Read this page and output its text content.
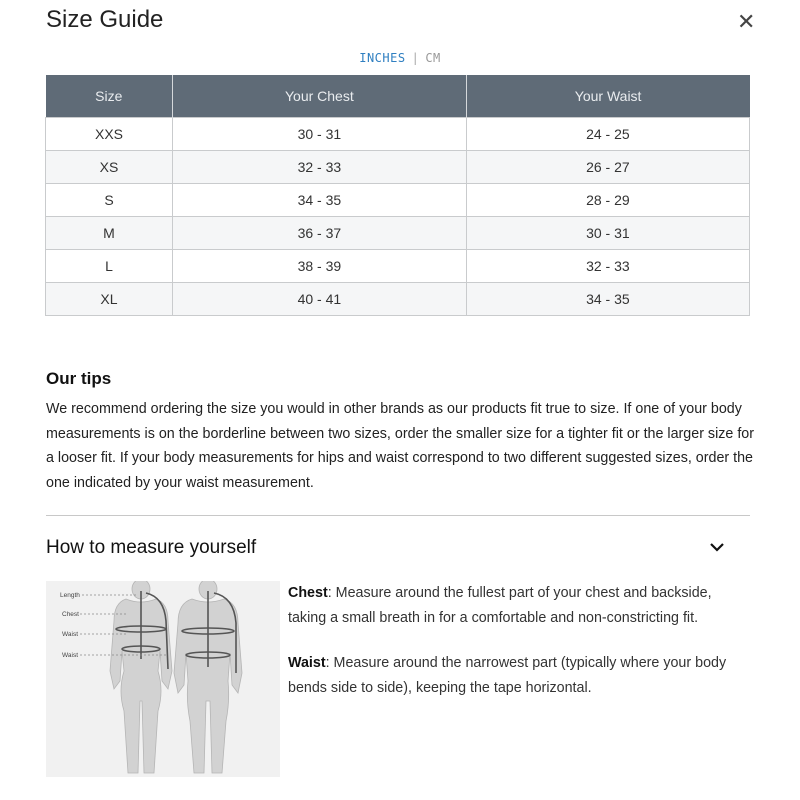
Size Guide	✕
INCHES | CM
Size	Your Chest	Your Waist
XXS	30 - 31	24 - 25
XS	32 - 33	26 - 27
S	34 - 35	28 - 29
M	36 - 37	30 - 31
L	38 - 39	32 - 33
XL	40 - 41	34 - 35
Our tips
We recommend ordering the size you would in other brands as our products fit true to size. If one of your body measurements is on the borderline between two sizes, order the smaller size for a tighter fit or the larger size for a looser fit. If your body measurements for hips and waist correspond to two different suggested sizes, order the one indicated by your waist measurement.
How to measure yourself
Length
Chest
Waist
Waist
Chest: Measure around the fullest part of your chest and backside, taking a small breath in for a comfortable and non-constricting fit.
Waist: Measure around the narrowest part (typically where your body bends side to side), keeping the tape horizontal.
